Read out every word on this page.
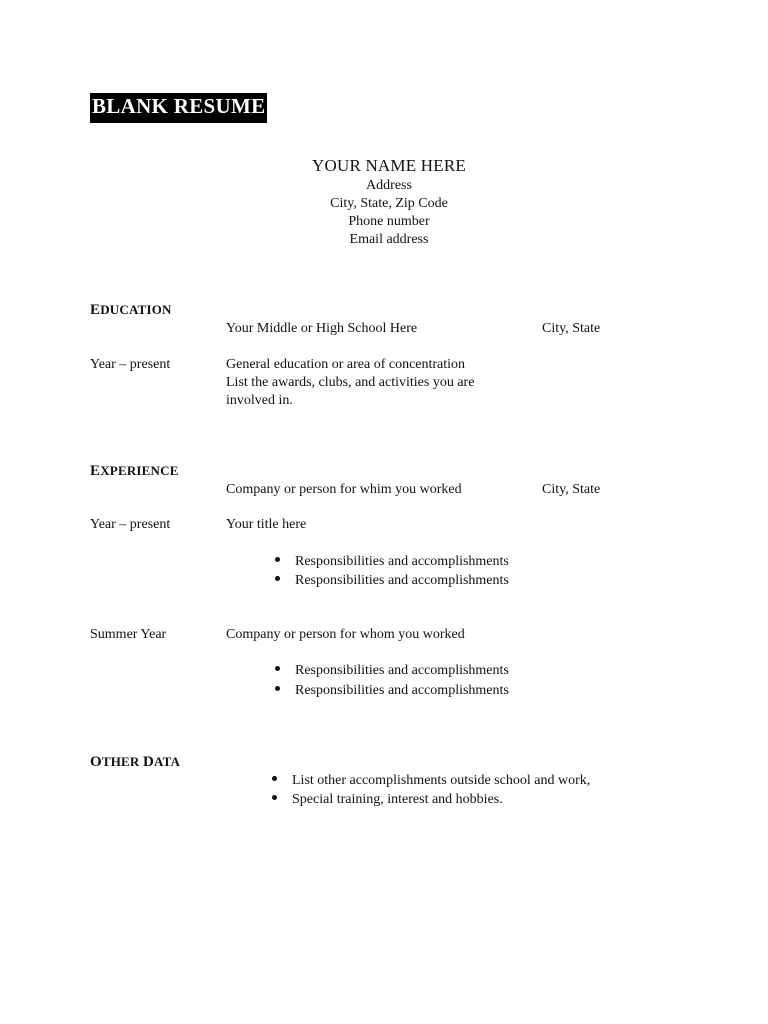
BLANK RESUME
YOUR NAME HERE
Address
City, State, Zip Code
Phone number
Email address
EDUCATION
Your Middle or High School Here	City, State
Year – present	General education or area of concentration
List the awards, clubs, and activities you are
involved in.
EXPERIENCE
Company or person for whim you worked	City, State
Year – present	Your title here
Responsibilities and accomplishments
Responsibilities and accomplishments
Summer Year	Company or person for whom you worked
Responsibilities and accomplishments
Responsibilities and accomplishments
OTHER DATA
List other accomplishments outside school and work,
Special training, interest and hobbies.
